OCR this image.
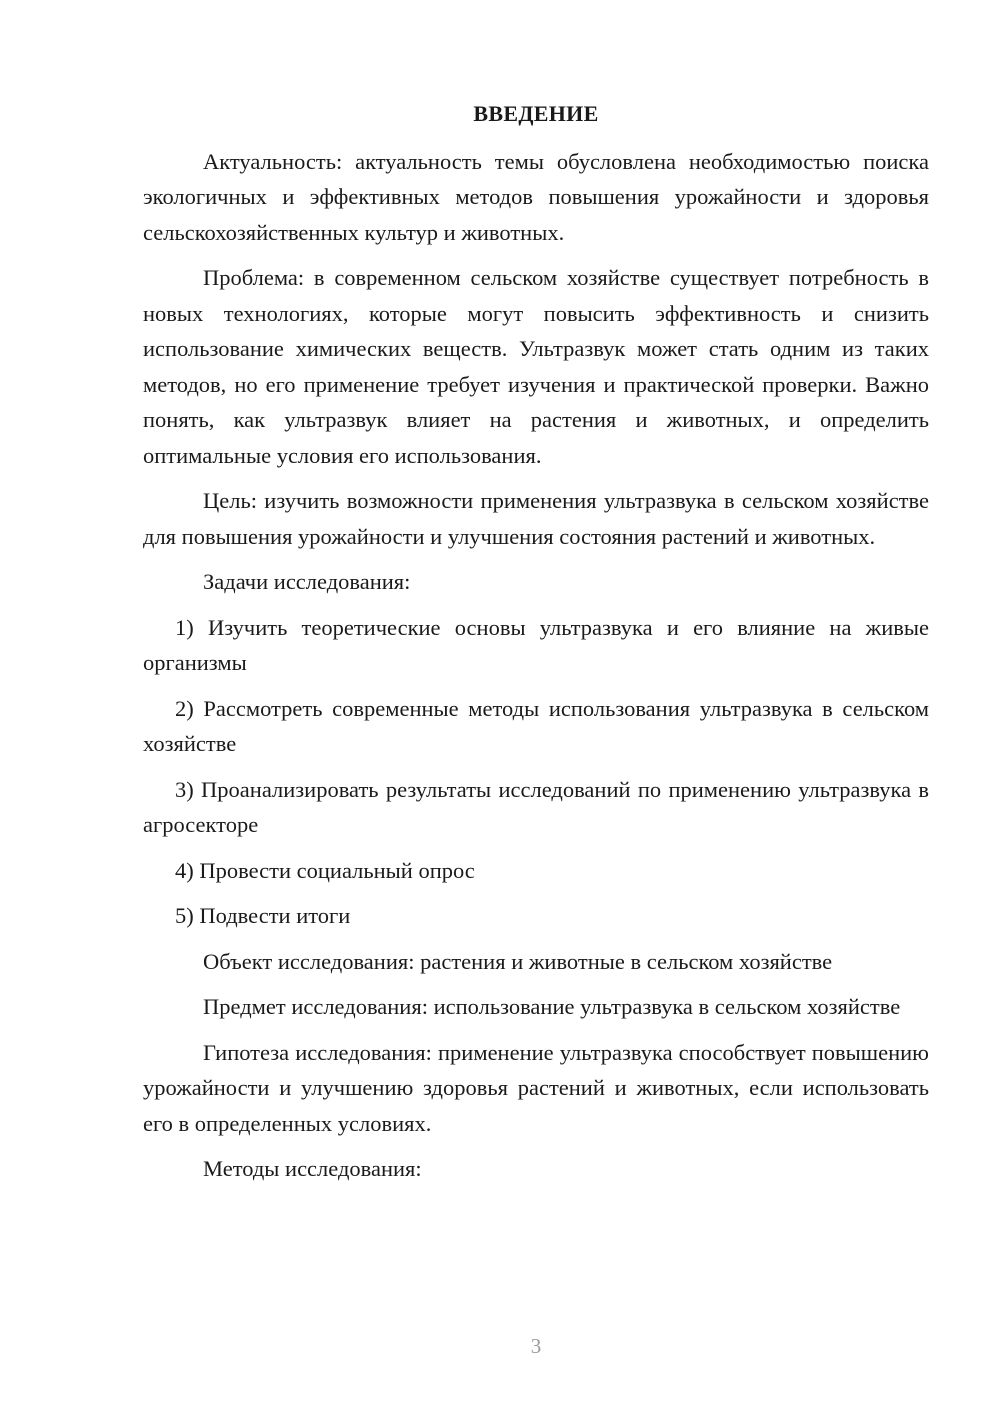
ВВЕДЕНИЕ

Актуальность: актуальность темы обусловлена необходимостью поиска экологичных и эффективных методов повышения урожайности и здоровья сельскохозяйственных культур и животных.

Проблема: в современном сельском хозяйстве существует потребность в новых технологиях, которые могут повысить эффективность и снизить использование химических веществ. Ультразвук может стать одним из таких методов, но его применение требует изучения и практической проверки. Важно понять, как ультразвук влияет на растения и животных, и определить оптимальные условия его использования.

Цель: изучить возможности применения ультразвука в сельском хозяйстве для повышения урожайности и улучшения состояния растений и животных.

Задачи исследования:

1) Изучить теоретические основы ультразвука и его влияние на живые организмы

2) Рассмотреть современные методы использования ультразвука в сельском хозяйстве

3) Проанализировать результаты исследований по применению ультразвука в агросекторе

4) Провести социальный опрос

5) Подвести итоги

Объект исследования: растения и животные в сельском хозяйстве

Предмет исследования: использование ультразвука в сельском хозяйстве

Гипотеза исследования: применение ультразвука способствует повышению урожайности и улучшению здоровья растений и животных, если использовать его в определенных условиях.

Методы исследования:

3
